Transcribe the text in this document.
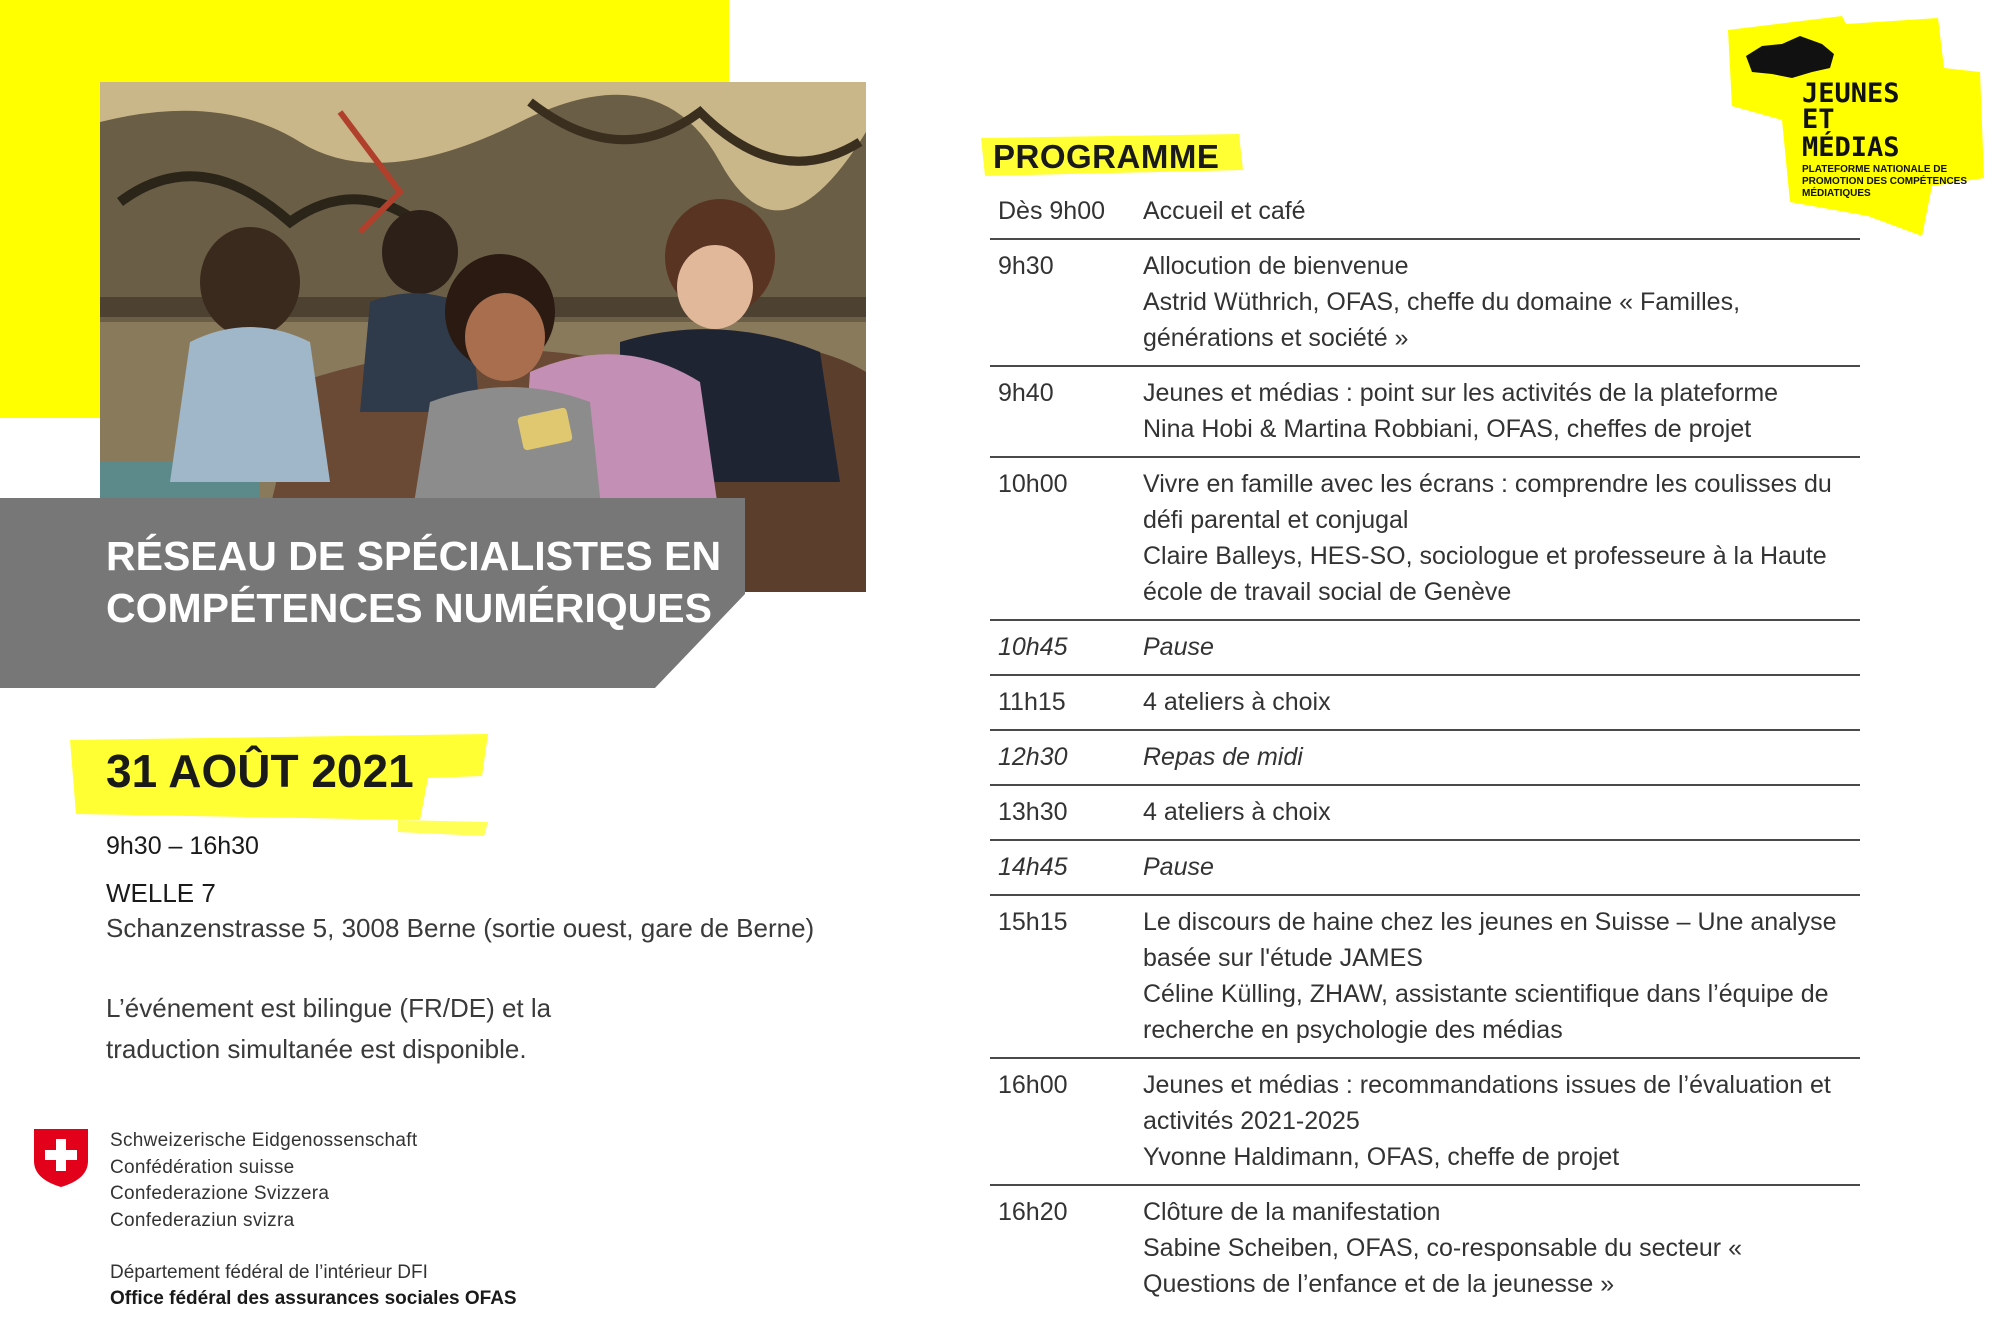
RÉSEAU DE SPÉCIALISTES EN
COMPÉTENCES NUMÉRIQUES
31 AOÛT 2021
9h30 – 16h30
WELLE 7
Schanzenstrasse 5, 3008 Berne (sortie ouest, gare de Berne)
L’événement est bilingue (FR/DE) et la
traduction simultanée est disponible.
Schweizerische Eidgenossenschaft
Confédération suisse
Confederazione Svizzera
Confederaziun svizra
Département fédéral de l’intérieur DFI
Office fédéral des assurances sociales OFAS
JEUNES
ET
MÉDIAS
PLATEFORME NATIONALE DE
PROMOTION DES COMPÉTENCES
MÉDIATIQUES
PROGRAMME
Dès 9h00	Accueil et café
9h30	Allocution de bienvenue
Astrid Wüthrich, OFAS, cheffe du domaine « Familles, générations et société »
9h40	Jeunes et médias : point sur les activités de la plateforme
Nina Hobi & Martina Robbiani, OFAS, cheffes de projet
10h00	Vivre en famille avec les écrans : comprendre les coulisses du défi parental et conjugal
Claire Balleys, HES-SO, sociologue et professeure à la Haute école de travail social de Genève
10h45	Pause
11h15	4 ateliers à choix
12h30	Repas de midi
13h30	4 ateliers à choix
14h45	Pause
15h15	Le discours de haine chez les jeunes en Suisse – Une analyse basée sur l'étude JAMES
Céline Külling, ZHAW, assistante scientifique dans l’équipe de recherche en psychologie des médias
16h00	Jeunes et médias : recommandations issues de l’évaluation et activités 2021-2025
Yvonne Haldimann, OFAS, cheffe de projet
16h20	Clôture de la manifestation
Sabine Scheiben, OFAS, co-responsable du secteur « Questions de l’enfance et de la jeunesse »
